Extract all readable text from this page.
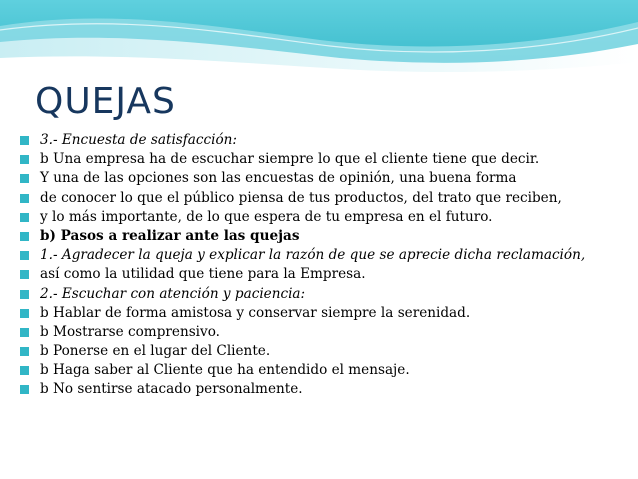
QUEJAS
3.- Encuesta de satisfacción:
b Una empresa ha de escuchar siempre lo que el cliente tiene que decir.
Y una de las opciones son las encuestas de opinión, una buena forma
de conocer lo que el público piensa de tus productos, del trato que reciben,
y lo más importante, de lo que espera de tu empresa en el futuro.
b) Pasos a realizar ante las quejas
1.- Agradecer la queja y explicar la razón de que se aprecie dicha reclamación,
así como la utilidad que tiene para la Empresa.
2.- Escuchar con atención y paciencia:
b Hablar de forma amistosa y conservar siempre la serenidad.
b Mostrarse comprensivo.
b Ponerse en el lugar del Cliente.
b Haga saber al Cliente que ha entendido el mensaje.
b No sentirse atacado personalmente.
